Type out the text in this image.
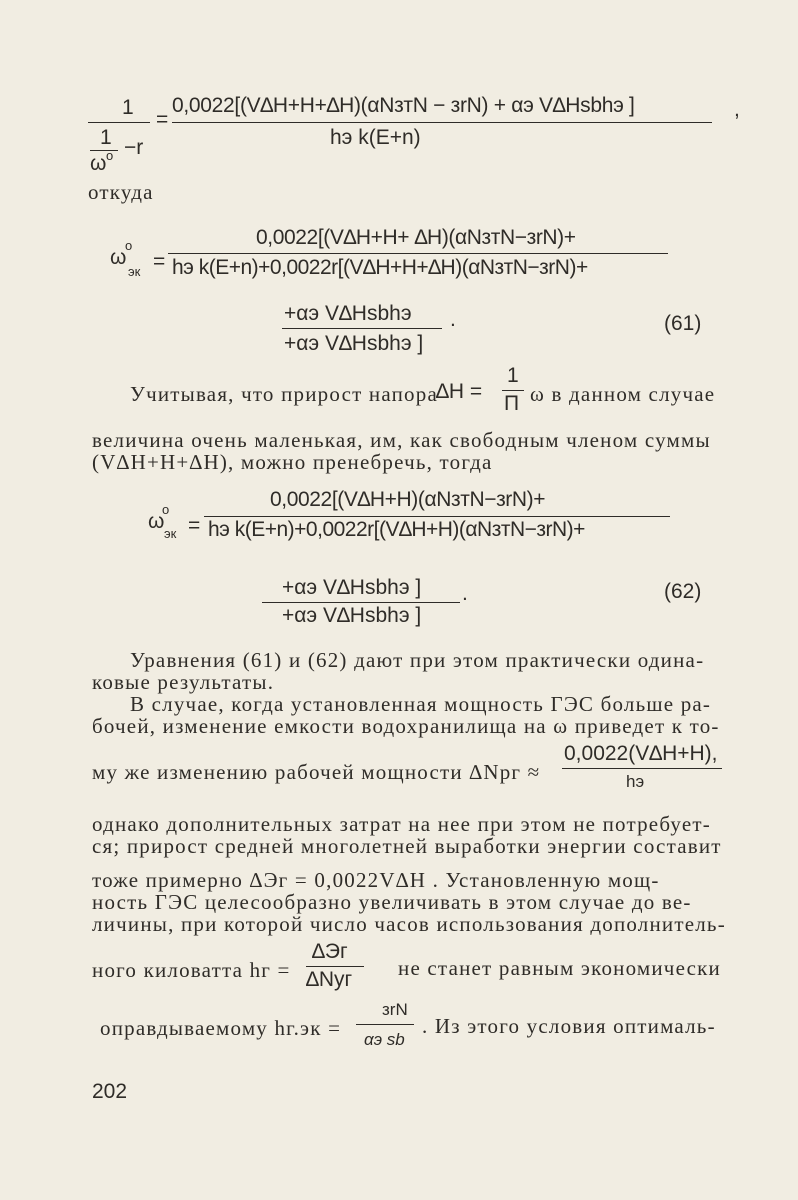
1
1
ω o −r
=
0,0022[(V∆H+H+∆H)(αNзтN − зrN) + αэ V∆Hsbhэ ]
hэ k(E+n)
,
откуда
ω
o
эк =
0,0022[(V∆H+H+ ∆H)(αNзтN−зrN)+
hэ k(E+n)+0,0022r[(V∆H+H+∆H)(αNзтN−зrN)+
+αэ V∆Hsbhэ
+αэ V∆Hsbhэ ]
.	(61)
Учитывая, что прирост напора
∆H =
1
П ω в данном случае
величина очень маленькая, им, как свободным членом суммы
(V∆H+H+∆H), можно пренебречь, тогда
ω
o
эк =
0,0022[(V∆H+H)(αNзтN−зrN)+
hэ k(E+n)+0,0022r[(V∆H+H)(αNзтN−зrN)+
+αэ V∆Hsbhэ ]
+αэ V∆Hsbhэ ]
.	(62)
Уравнения (61) и (62) дают при этом практически одина-
ковые результаты.
В случае, когда установленная мощность ГЭС больше ра-
бочей, изменение емкости водохранилища на ω приведет к то-
му же изменению рабочей мощности ∆Nрг ≈
0,0022(V∆H+H),
hэ
однако дополнительных затрат на нее при этом не потребует-
ся; прирост средней многолетней выработки энергии составит
тоже примерно ∆Эг = 0,0022V∆H . Установленную мощ-
ность ГЭС целесообразно увеличивать в этом случае до ве-
личины, при которой число часов использования дополнитель-
ного киловатта hг =
∆Эг
∆Nуг не станет равным экономически
оправдываемому hг.эк =
зrN
αэ sb
. Из этого условия оптималь-
202
